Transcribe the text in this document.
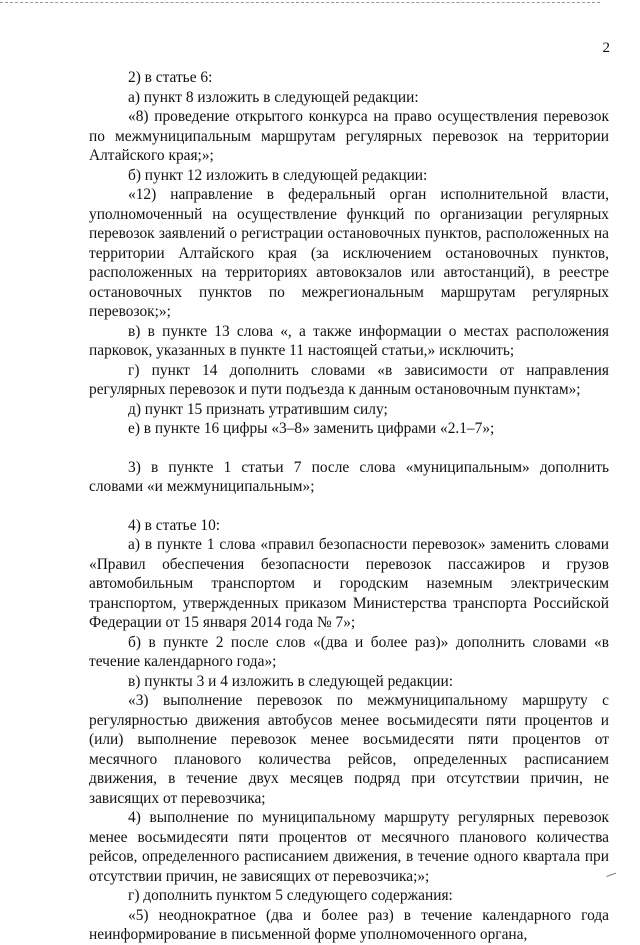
2

2) в статье 6:

а) пункт 8 изложить в следующей редакции:

«8) проведение открытого конкурса на право осуществления перевозок по межмуниципальным маршрутам регулярных перевозок на территории Алтайского края;»;

б) пункт 12 изложить в следующей редакции:

«12) направление в федеральный орган исполнительной власти, уполномоченный на осуществление функций по организации регулярных перевозок заявлений о регистрации остановочных пунктов, расположенных на территории Алтайского края (за исключением остановочных пунктов, расположенных на территориях автовокзалов или автостанций), в реестре остановочных пунктов по межрегиональным маршрутам регулярных перевозок;»;

в) в пункте 13 слова «, а также информации о местах расположения парковок, указанных в пункте 11 настоящей статьи,» исключить;

г) пункт 14 дополнить словами «в зависимости от направления регулярных перевозок и пути подъезда к данным остановочным пунктам»;

д) пункт 15 признать утратившим силу;

е) в пункте 16 цифры «3–8» заменить цифрами «2.1–7»;

3) в пункте 1 статьи 7 после слова «муниципальным» дополнить словами «и межмуниципальным»;

4) в статье 10:

а) в пункте 1 слова «правил безопасности перевозок» заменить словами «Правил обеспечения безопасности перевозок пассажиров и грузов автомобильным транспортом и городским наземным электрическим транспортом, утвержденных приказом Министерства транспорта Российской Федерации от 15 января 2014 года № 7»;

б) в пункте 2 после слов «(два и более раз)» дополнить словами «в течение календарного года»;

в) пункты 3 и 4 изложить в следующей редакции:

«3) выполнение перевозок по межмуниципальному маршруту с регулярностью движения автобусов менее восьмидесяти пяти процентов и (или) выполнение перевозок менее восьмидесяти пяти процентов от месячного планового количества рейсов, определенных расписанием движения, в течение двух месяцев подряд при отсутствии причин, не зависящих от перевозчика;

4) выполнение по муниципальному маршруту регулярных перевозок менее восьмидесяти пяти процентов от месячного планового количества рейсов, определенного расписанием движения, в течение одного квартала при отсутствии причин, не зависящих от перевозчика;»;

г) дополнить пунктом 5 следующего содержания:

«5) неоднократное (два и более раз) в течение календарного года неинформирование в письменной форме уполномоченного органа,
